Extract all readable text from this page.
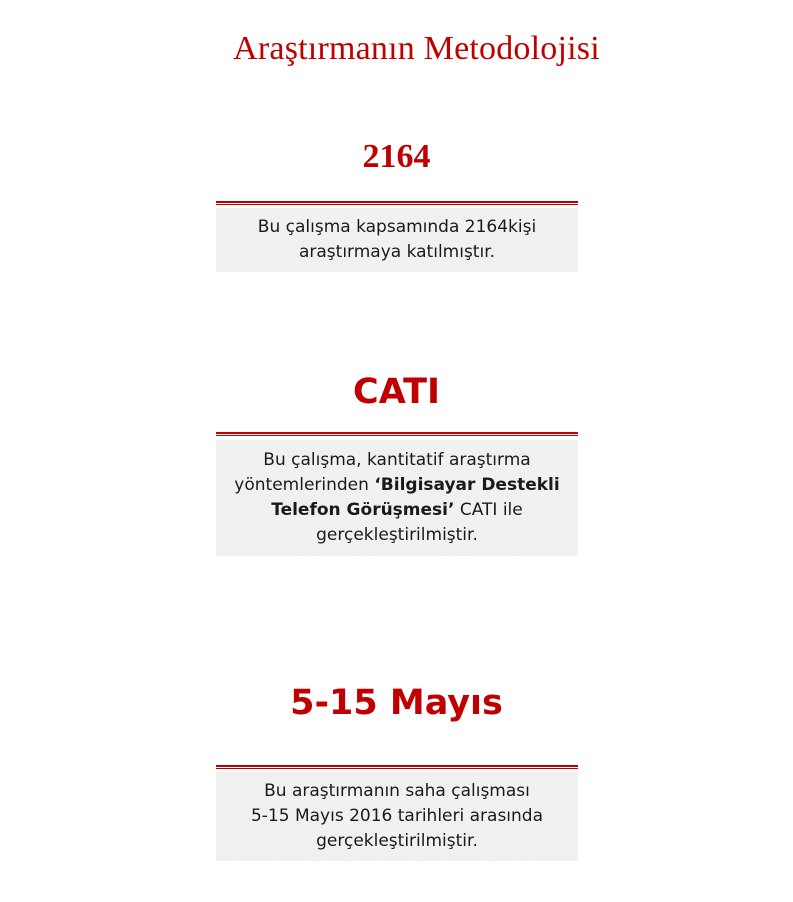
Araştırmanın Metodolojisi
2164

Bu çalışma kapsamında 2164kişi
araştırmaya katılmıştır.

CATI

Bu çalışma, kantitatif araştırma
yöntemlerinden ‘Bilgisayar Destekli
Telefon Görüşmesi’ CATI ile
gerçekleştirilmiştir.

5-15 Mayıs

Bu araştırmanın saha çalışması
5-15 Mayıs 2016 tarihleri arasında
gerçekleştirilmiştir.
